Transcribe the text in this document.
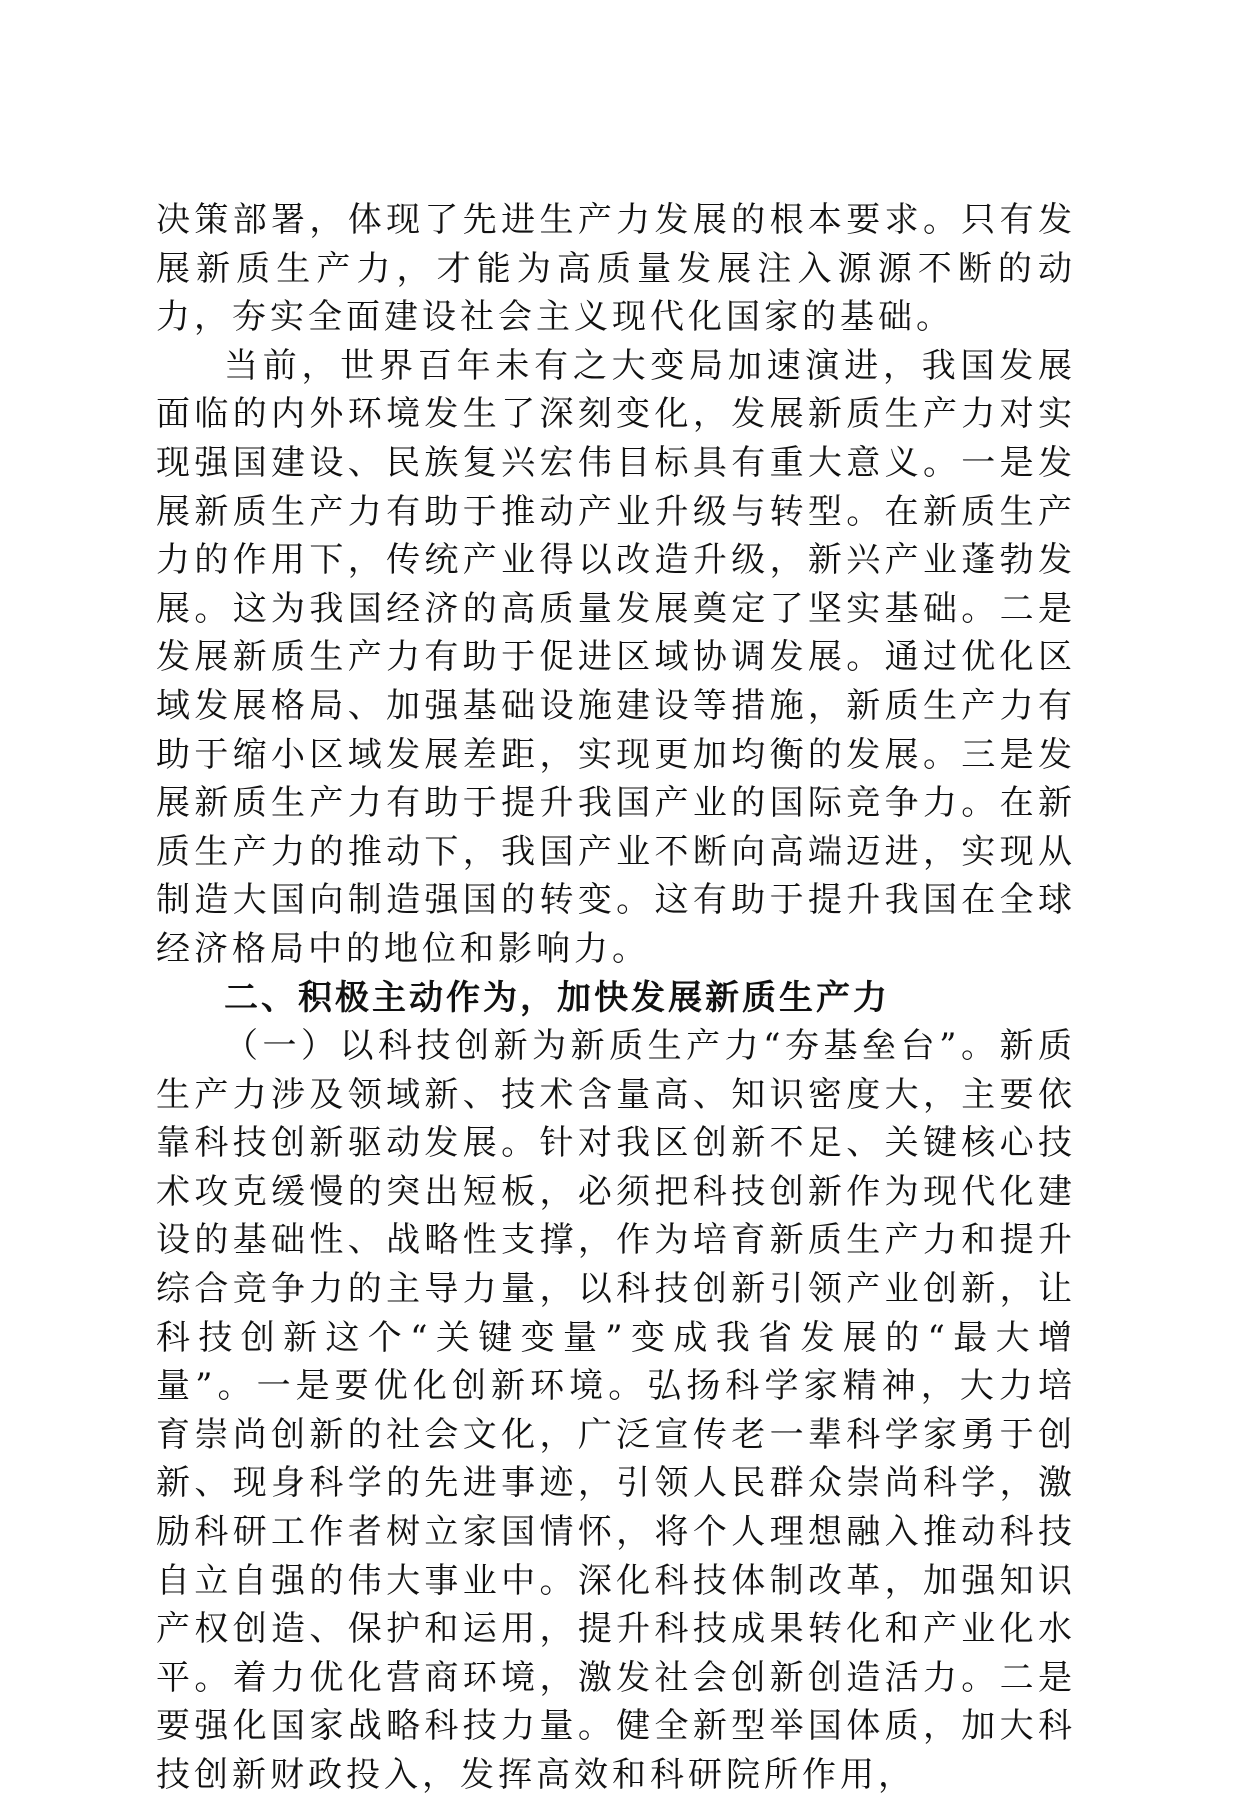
决策部署，体现了先进生产力发展的根本要求。只有发展新质生产力，才能为高质量发展注入源源不断的动力，夯实全面建设社会主义现代化国家的基础。

当前，世界百年未有之大变局加速演进，我国发展面临的内外环境发生了深刻变化，发展新质生产力对实现强国建设、民族复兴宏伟目标具有重大意义。一是发展新质生产力有助于推动产业升级与转型。在新质生产力的作用下，传统产业得以改造升级，新兴产业蓬勃发展。这为我国经济的高质量发展奠定了坚实基础。二是发展新质生产力有助于促进区域协调发展。通过优化区域发展格局、加强基础设施建设等措施，新质生产力有助于缩小区域发展差距，实现更加均衡的发展。三是发展新质生产力有助于提升我国产业的国际竞争力。在新质生产力的推动下，我国产业不断向高端迈进，实现从制造大国向制造强国的转变。这有助于提升我国在全球经济格局中的地位和影响力。

二、积极主动作为，加快发展新质生产力

（一）以科技创新为新质生产力“夯基垒台”。新质生产力涉及领域新、技术含量高、知识密度大，主要依靠科技创新驱动发展。针对我区创新不足、关键核心技术攻克缓慢的突出短板，必须把科技创新作为现代化建设的基础性、战略性支撑，作为培育新质生产力和提升综合竞争力的主导力量，以科技创新引领产业创新，让科技创新这个“关键变量”变成我省发展的“最大增量”。一是要优化创新环境。弘扬科学家精神，大力培育崇尚创新的社会文化，广泛宣传老一辈科学家勇于创新、现身科学的先进事迹，引领人民群众崇尚科学，激励科研工作者树立家国情怀，将个人理想融入推动科技自立自强的伟大事业中。深化科技体制改革，加强知识产权创造、保护和运用，提升科技成果转化和产业化水平。着力优化营商环境，激发社会创新创造活力。二是要强化国家战略科技力量。健全新型举国体质，加大科技创新财政投入，发挥高效和科研院所作用，
